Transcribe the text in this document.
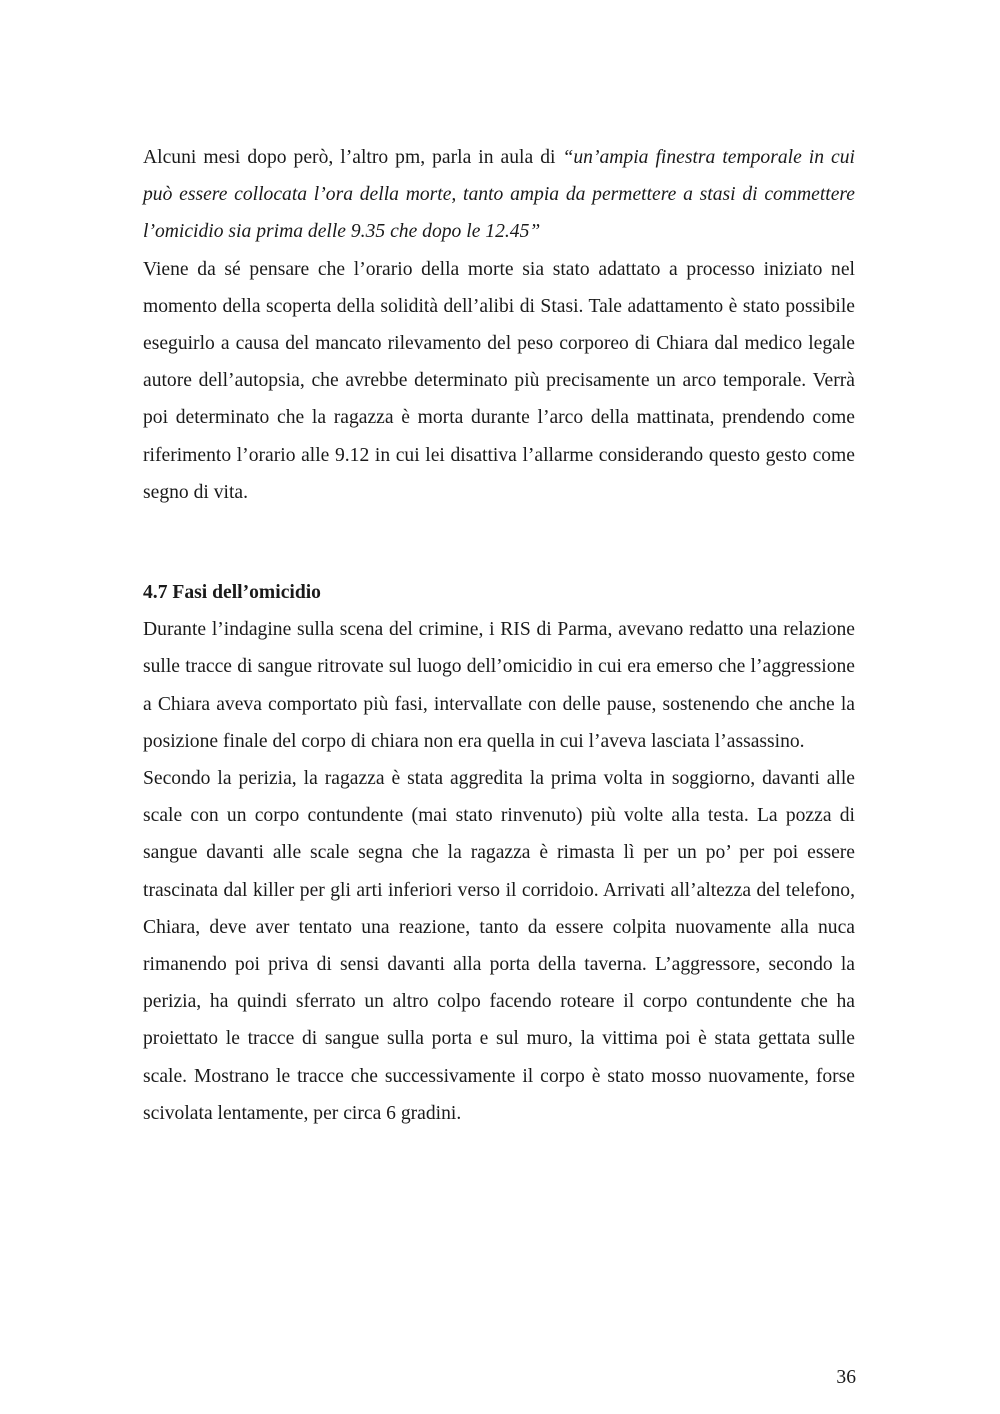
Alcuni mesi dopo però, l’altro pm, parla in aula di “un’ampia finestra temporale in cui può essere collocata l’ora della morte, tanto ampia da permettere a stasi di commettere l’omicidio sia prima delle 9.35 che dopo le 12.45”

Viene da sé pensare che l’orario della morte sia stato adattato a processo iniziato nel momento della scoperta della solidità dell’alibi di Stasi. Tale adattamento è stato possibile eseguirlo a causa del mancato rilevamento del peso corporeo di Chiara dal medico legale autore dell’autopsia, che avrebbe determinato più precisamente un arco temporale. Verrà poi determinato che la ragazza è morta durante l’arco della mattinata, prendendo come riferimento l’orario alle 9.12 in cui lei disattiva l’allarme considerando questo gesto come segno di vita.

4.7 Fasi dell’omicidio

Durante l’indagine sulla scena del crimine, i RIS di Parma, avevano redatto una relazione sulle tracce di sangue ritrovate sul luogo dell’omicidio in cui era emerso che l’aggressione a Chiara aveva comportato più fasi, intervallate con delle pause, sostenendo che anche la posizione finale del corpo di chiara non era quella in cui l’aveva lasciata l’assassino.

Secondo la perizia, la ragazza è stata aggredita la prima volta in soggiorno, davanti alle scale con un corpo contundente (mai stato rinvenuto) più volte alla testa. La pozza di sangue davanti alle scale segna che la ragazza è rimasta lì per un po’ per poi essere trascinata dal killer per gli arti inferiori verso il corridoio. Arrivati all’altezza del telefono, Chiara, deve aver tentato una reazione, tanto da essere colpita nuovamente alla nuca rimanendo poi priva di sensi davanti alla porta della taverna. L’aggressore, secondo la perizia, ha quindi sferrato un altro colpo facendo roteare il corpo contundente che ha proiettato le tracce di sangue sulla porta e sul muro, la vittima poi è stata gettata sulle scale. Mostrano le tracce che successivamente il corpo è stato mosso nuovamente, forse scivolata lentamente, per circa 6 gradini.

36
